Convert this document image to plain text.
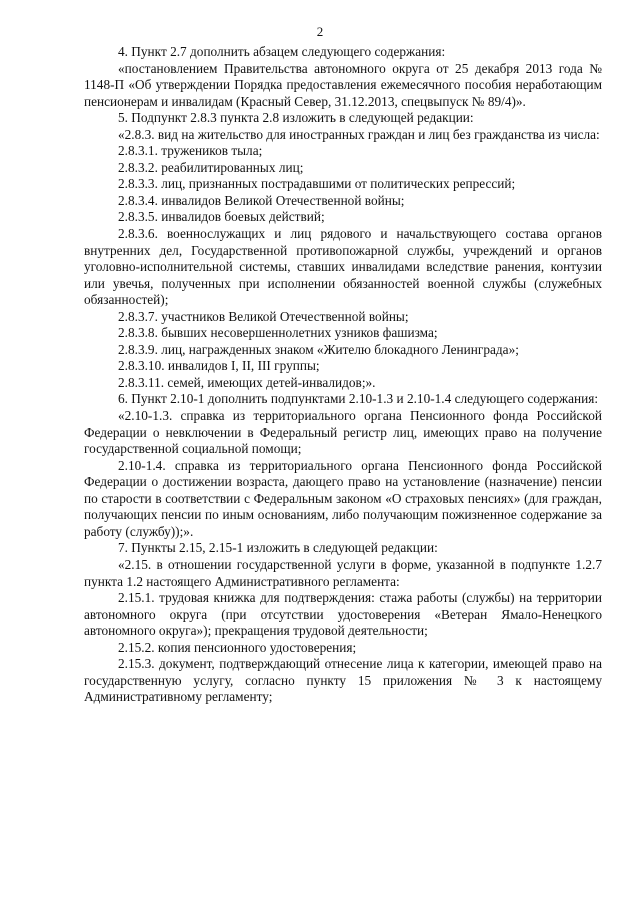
2

4. Пункт 2.7 дополнить абзацем следующего содержания:

«постановлением Правительства автономного округа от 25 декабря 2013 года № 1148-П «Об утверждении Порядка предоставления ежемесячного пособия неработающим пенсионерам и инвалидам (Красный Север, 31.12.2013, спецвыпуск № 89/4)».

5. Подпункт 2.8.3 пункта 2.8 изложить в следующей редакции:

«2.8.3. вид на жительство для иностранных граждан и лиц без гражданства из числа:

2.8.3.1. тружеников тыла;

2.8.3.2. реабилитированных лиц;

2.8.3.3. лиц, признанных пострадавшими от политических репрессий;

2.8.3.4. инвалидов Великой Отечественной войны;

2.8.3.5. инвалидов боевых действий;

2.8.3.6. военнослужащих и лиц рядового и начальствующего состава органов внутренних дел, Государственной противопожарной службы, учреждений и органов уголовно-исполнительной системы, ставших инвалидами вследствие ранения, контузии или увечья, полученных при исполнении обязанностей военной службы (служебных обязанностей);

2.8.3.7. участников Великой Отечественной войны;

2.8.3.8. бывших несовершеннолетних узников фашизма;

2.8.3.9. лиц, награжденных знаком «Жителю блокадного Ленинграда»;

2.8.3.10. инвалидов I, II, III группы;

2.8.3.11. семей, имеющих детей-инвалидов;».

6. Пункт 2.10-1 дополнить подпунктами 2.10-1.3 и 2.10-1.4 следующего содержания:

«2.10-1.3. справка из территориального органа Пенсионного фонда Российской Федерации о невключении в Федеральный регистр лиц, имеющих право на получение государственной социальной помощи;

2.10-1.4. справка из территориального органа Пенсионного фонда Российской Федерации о достижении возраста, дающего право на установление (назначение) пенсии по старости в соответствии с Федеральным законом «О страховых пенсиях» (для граждан, получающих пенсии по иным основаниям, либо получающим пожизненное содержание за работу (службу));».

7. Пункты 2.15, 2.15-1 изложить в следующей редакции:

«2.15. в отношении государственной услуги в форме, указанной в подпункте 1.2.7 пункта 1.2 настоящего Административного регламента:

2.15.1. трудовая книжка для подтверждения: стажа работы (службы) на территории автономного округа (при отсутствии удостоверения «Ветеран Ямало-Ненецкого автономного округа»); прекращения трудовой деятельности;

2.15.2. копия пенсионного удостоверения;

2.15.3. документ, подтверждающий отнесение лица к категории, имеющей право на государственную услугу, согласно пункту 15 приложения № 3 к настоящему Административному регламенту;
